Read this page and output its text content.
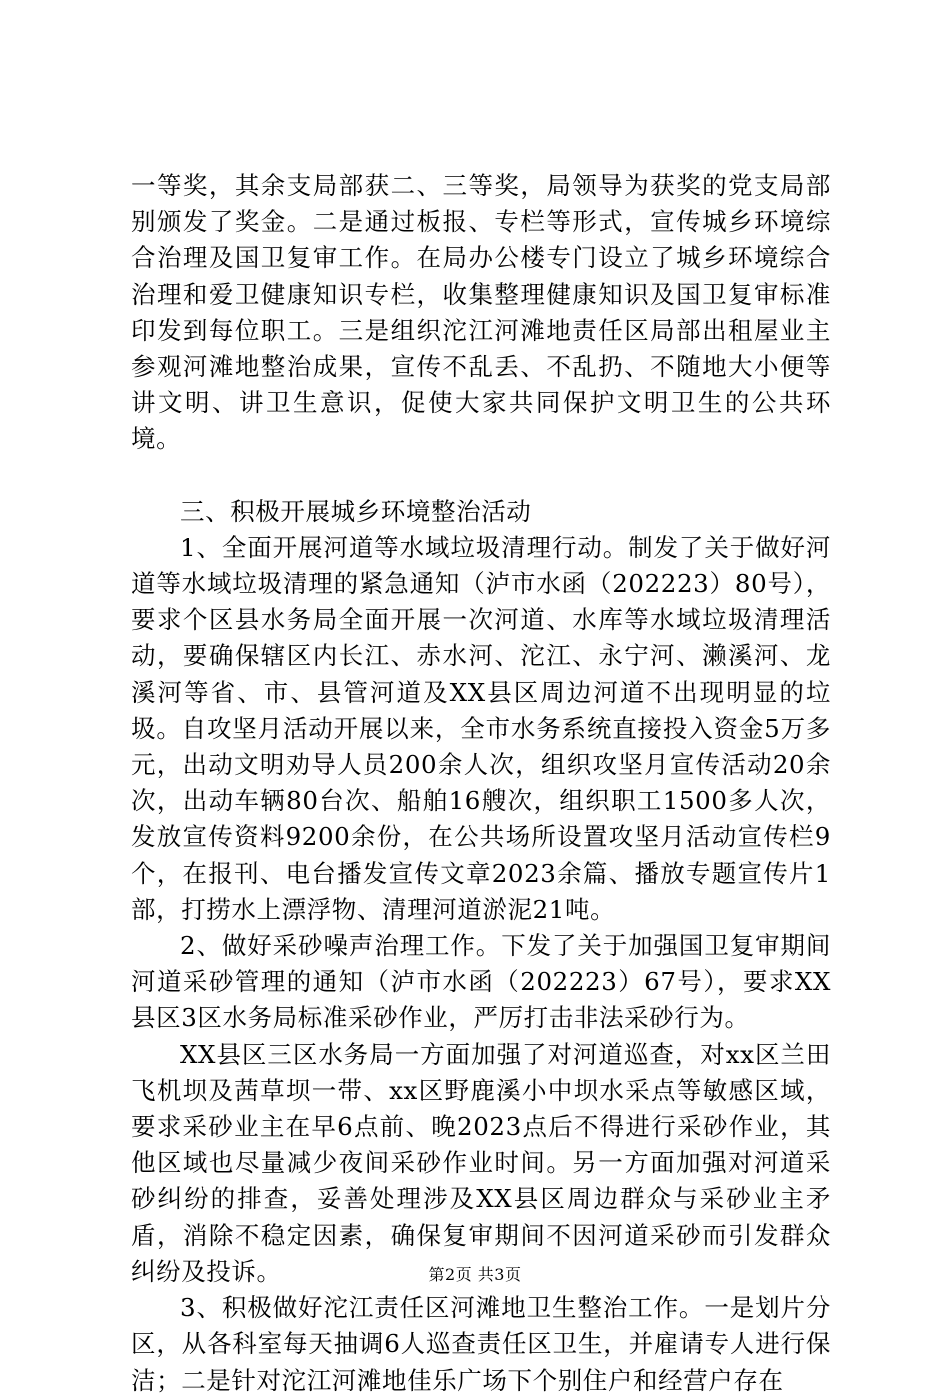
一等奖，其余支局部获二、三等奖，局领导为获奖的党支局部别颁发了奖金。二是通过板报、专栏等形式，宣传城乡环境综合治理及国卫复审工作。在局办公楼专门设立了城乡环境综合治理和爱卫健康知识专栏，收集整理健康知识及国卫复审标准印发到每位职工。三是组织沱江河滩地责任区局部出租屋业主参观河滩地整治成果，宣传不乱丢、不乱扔、不随地大小便等讲文明、讲卫生意识，促使大家共同保护文明卫生的公共环境。

三、积极开展城乡环境整治活动

1、全面开展河道等水域垃圾清理行动。制发了关于做好河道等水域垃圾清理的紧急通知（泸市水函（202223）80号），要求个区县水务局全面开展一次河道、水库等水域垃圾清理活动，要确保辖区内长江、赤水河、沱江、永宁河、濑溪河、龙溪河等省、市、县管河道及XX县区周边河道不出现明显的垃圾。自攻坚月活动开展以来，全市水务系统直接投入资金5万多元，出动文明劝导人员200余人次，组织攻坚月宣传活动20余次，出动车辆80台次、船舶16艘次，组织职工1500多人次，发放宣传资料9200余份，在公共场所设置攻坚月活动宣传栏9个，在报刊、电台播发宣传文章2023余篇、播放专题宣传片1部，打捞水上漂浮物、清理河道淤泥21吨。

2、做好采砂噪声治理工作。下发了关于加强国卫复审期间河道采砂管理的通知（泸市水函（202223）67号），要求XX县区3区水务局标准采砂作业，严厉打击非法采砂行为。

XX县区三区水务局一方面加强了对河道巡查，对xx区兰田飞机坝及茜草坝一带、xx区野鹿溪小中坝水采点等敏感区域，要求采砂业主在早6点前、晚2023点后不得进行采砂作业，其他区域也尽量减少夜间采砂作业时间。另一方面加强对河道采砂纠纷的排查，妥善处理涉及XX县区周边群众与采砂业主矛盾，消除不稳定因素，确保复审期间不因河道采砂而引发群众纠纷及投诉。

3、积极做好沱江责任区河滩地卫生整治工作。一是划片分区，从各科室每天抽调6人巡查责任区卫生，并雇请专人进行保洁；二是针对沱江河滩地佳乐广场下个别住户和经营户存在

第2页 共3页
